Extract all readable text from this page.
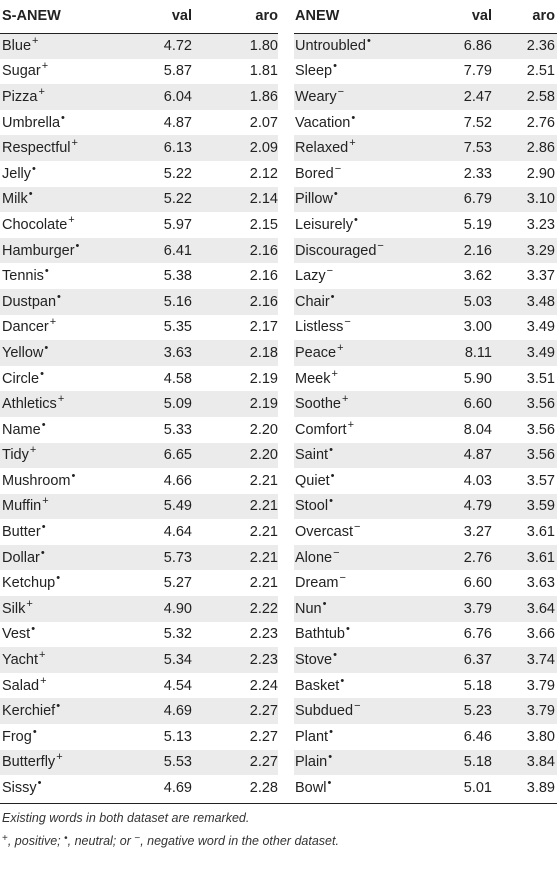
S-ANEW	val	aro		ANEW	val	aro
Blue+	4.72	1.80		Untroubled•	6.86	2.36
Sugar+	5.87	1.81		Sleep•	7.79	2.51
Pizza+	6.04	1.86		Weary−	2.47	2.58
Umbrella•	4.87	2.07		Vacation•	7.52	2.76
Respectful+	6.13	2.09		Relaxed+	7.53	2.86
Jelly•	5.22	2.12		Bored−	2.33	2.90
Milk•	5.22	2.14		Pillow•	6.79	3.10
Chocolate+	5.97	2.15		Leisurely•	5.19	3.23
Hamburger•	6.41	2.16		Discouraged−	2.16	3.29
Tennis•	5.38	2.16		Lazy−	3.62	3.37
Dustpan•	5.16	2.16		Chair•	5.03	3.48
Dancer+	5.35	2.17		Listless−	3.00	3.49
Yellow•	3.63	2.18		Peace+	8.11	3.49
Circle•	4.58	2.19		Meek+	5.90	3.51
Athletics+	5.09	2.19		Soothe+	6.60	3.56
Name•	5.33	2.20		Comfort+	8.04	3.56
Tidy+	6.65	2.20		Saint•	4.87	3.56
Mushroom•	4.66	2.21		Quiet•	4.03	3.57
Muffin+	5.49	2.21		Stool•	4.79	3.59
Butter•	4.64	2.21		Overcast−	3.27	3.61
Dollar•	5.73	2.21		Alone−	2.76	3.61
Ketchup•	5.27	2.21		Dream−	6.60	3.63
Silk+	4.90	2.22		Nun•	3.79	3.64
Vest•	5.32	2.23		Bathtub•	6.76	3.66
Yacht+	5.34	2.23		Stove•	6.37	3.74
Salad+	4.54	2.24		Basket•	5.18	3.79
Kerchief•	4.69	2.27		Subdued−	5.23	3.79
Frog•	5.13	2.27		Plant•	6.46	3.80
Butterfly+	5.53	2.27		Plain•	5.18	3.84
Sissy•	4.69	2.28		Bowl•	5.01	3.89
Existing words in both dataset are remarked.
+, positive; •, neutral; or −, negative word in the other dataset.
